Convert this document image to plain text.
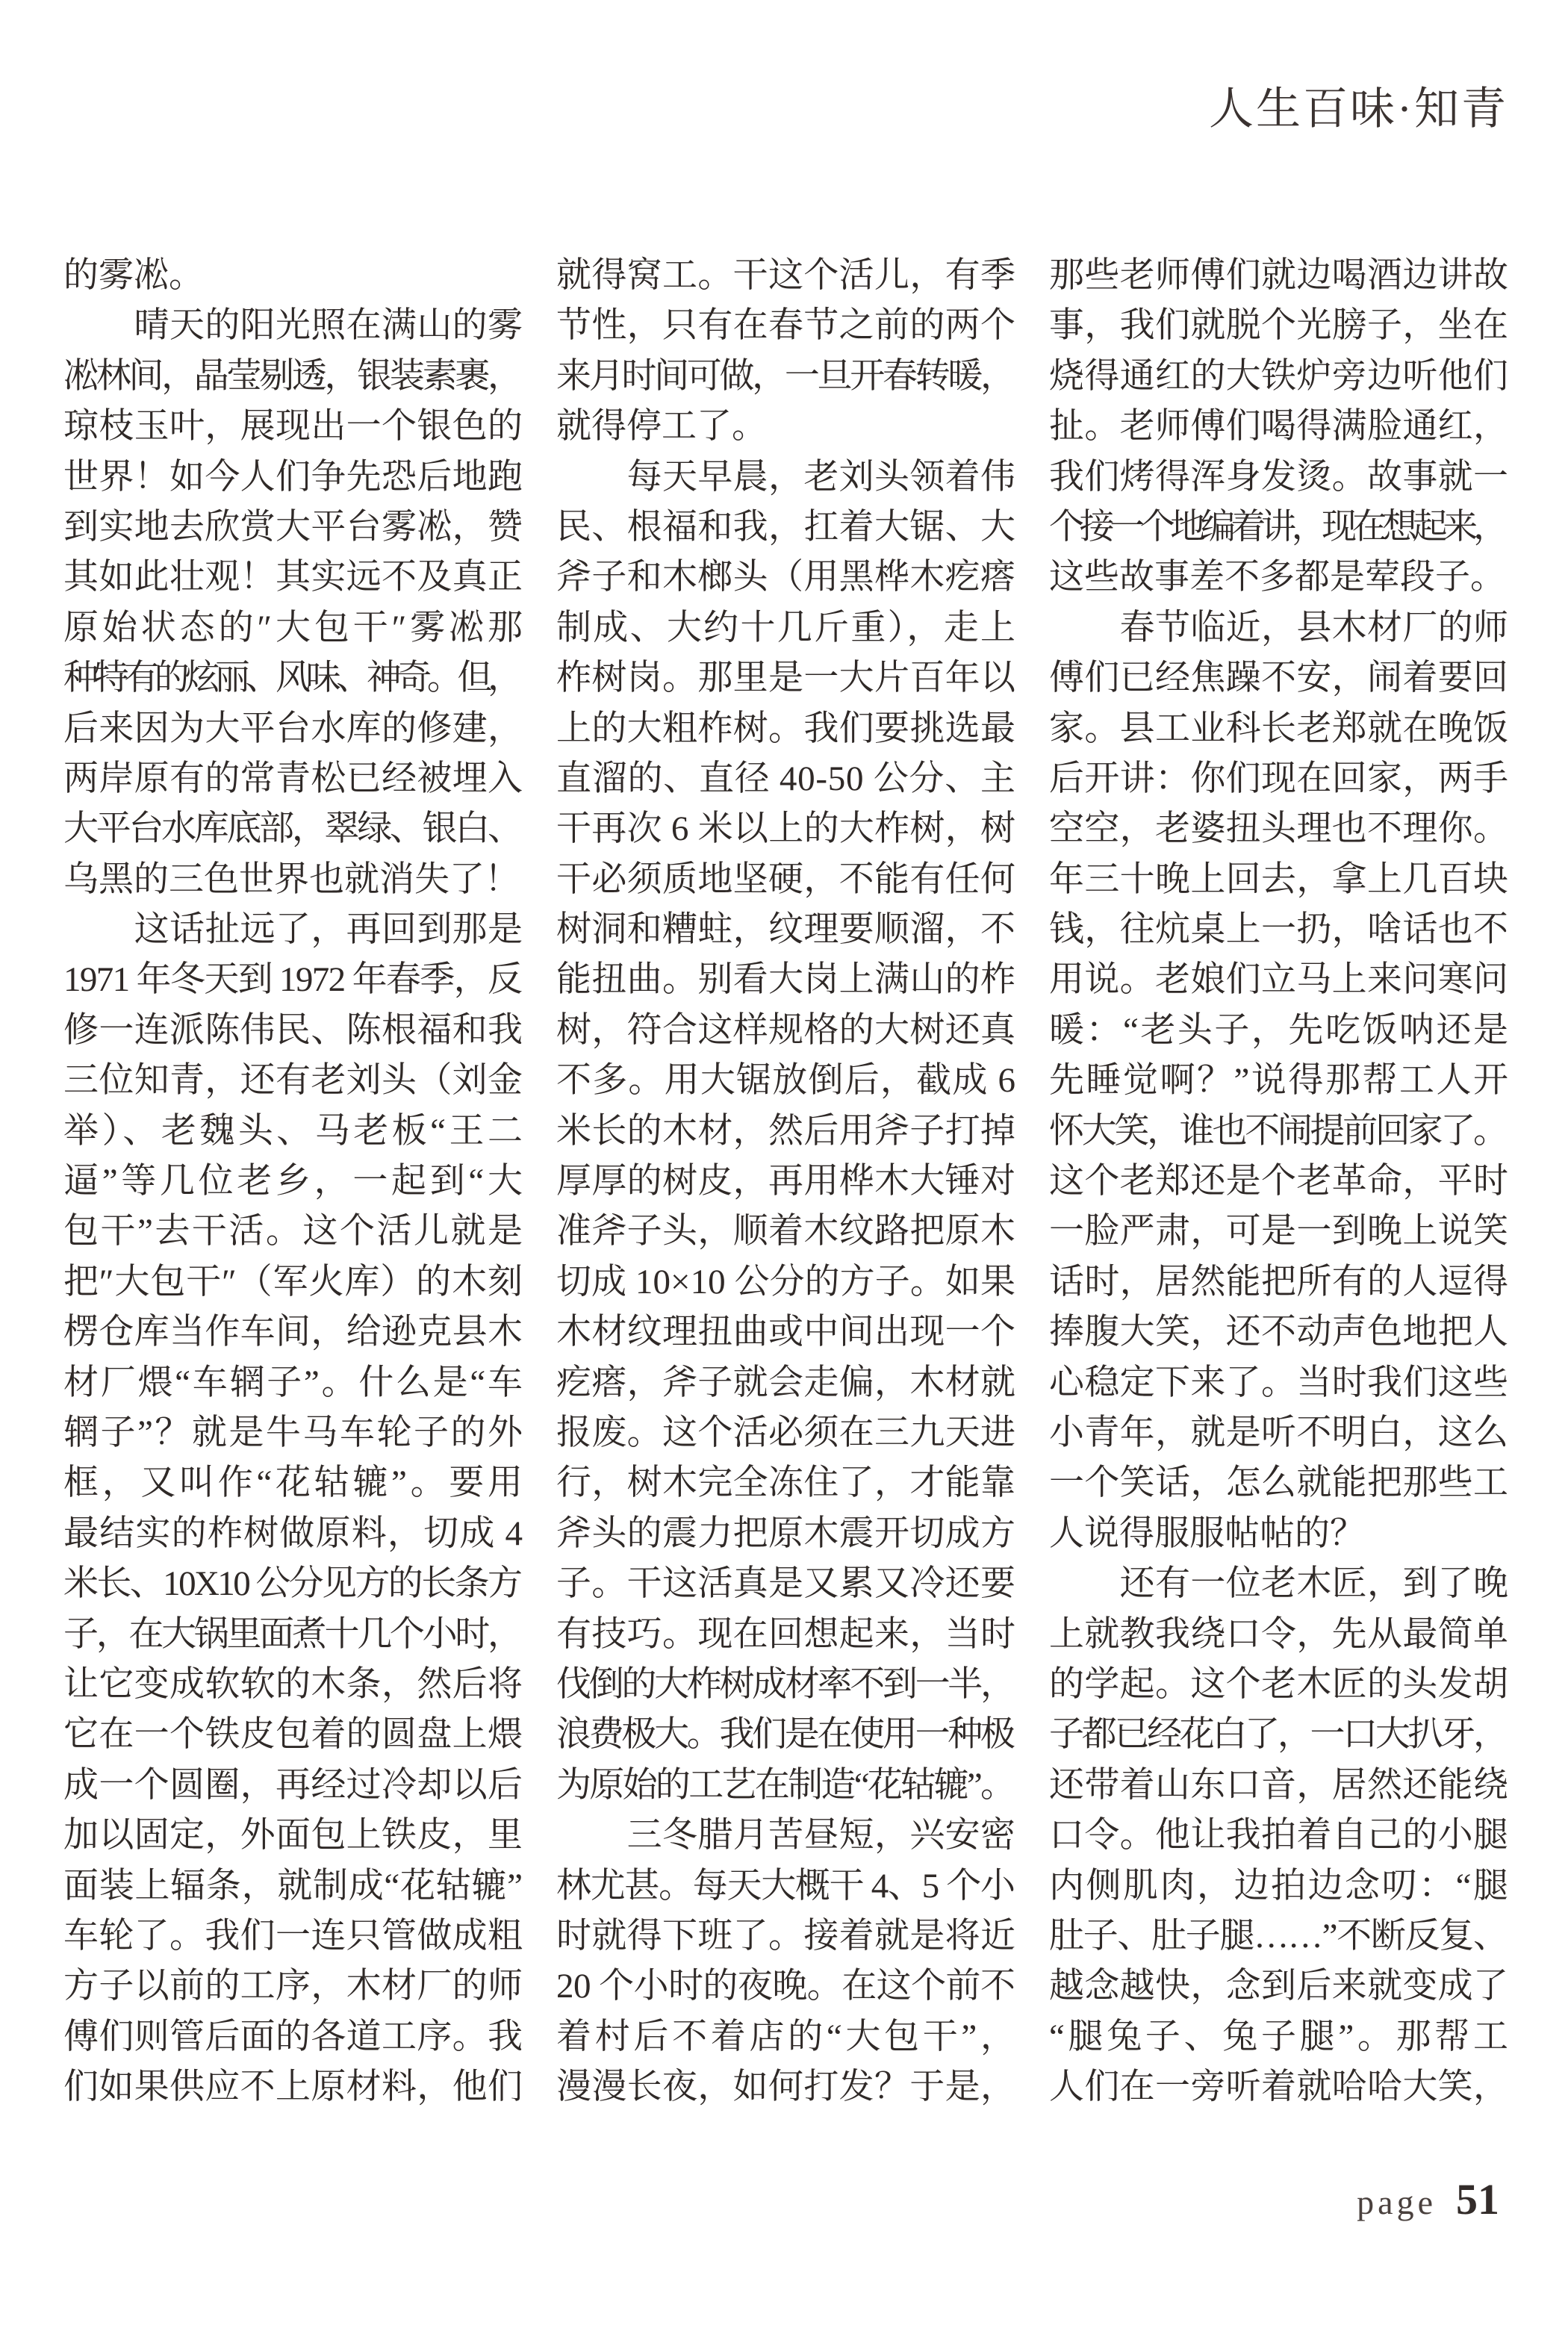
人生百味·知青
的雾凇。
　　晴天的阳光照在满山的雾
凇林间，晶莹剔透，银装素裹，
琼枝玉叶，展现出一个银色的
世界！如今人们争先恐后地跑
到实地去欣赏大平台雾凇，赞
其如此壮观！其实远不及真正
原始状态的″大包干″雾凇那
种特有的炫丽、风味、神奇。但，
后来因为大平台水库的修建，
两岸原有的常青松已经被埋入
大平台水库底部，翠绿、银白、
乌黑的三色世界也就消失了！
　　这话扯远了，再回到那是
1971 年冬天到 1972 年春季，反
修一连派陈伟民、陈根福和我
三位知青，还有老刘头（刘金
举）、老魏头、马老板“王二
逼”等几位老乡，一起到“大
包干”去干活。这个活儿就是
把″大包干″（军火库）的木刻
楞仓库当作车间，给逊克县木
材厂煨“车辋子”。什么是“车
辋子”？就是牛马车轮子的外
框，又叫作“花轱辘”。要用
最结实的柞树做原料，切成 4
米长、10X10 公分见方的长条方
子，在大锅里面煮十几个小时，
让它变成软软的木条，然后将
它在一个铁皮包着的圆盘上煨
成一个圆圈，再经过冷却以后
加以固定，外面包上铁皮，里
面装上辐条，就制成“花轱辘”
车轮了。我们一连只管做成粗
方子以前的工序，木材厂的师
傅们则管后面的各道工序。我
们如果供应不上原材料，他们
就得窝工。干这个活儿，有季
节性，只有在春节之前的两个
来月时间可做，一旦开春转暖，
就得停工了。
　　每天早晨，老刘头领着伟
民、根福和我，扛着大锯、大
斧子和木榔头（用黑桦木疙瘩
制成、大约十几斤重），走上
柞树岗。那里是一大片百年以
上的大粗柞树。我们要挑选最
直溜的、直径 40-50 公分、主
干再次 6 米以上的大柞树，树
干必须质地坚硬，不能有任何
树洞和糟蛀，纹理要顺溜，不
能扭曲。别看大岗上满山的柞
树，符合这样规格的大树还真
不多。用大锯放倒后，截成 6
米长的木材，然后用斧子打掉
厚厚的树皮，再用桦木大锤对
准斧子头，顺着木纹路把原木
切成 10×10 公分的方子。如果
木材纹理扭曲或中间出现一个
疙瘩，斧子就会走偏，木材就
报废。这个活必须在三九天进
行，树木完全冻住了，才能靠
斧头的震力把原木震开切成方
子。干这活真是又累又冷还要
有技巧。现在回想起来，当时
伐倒的大柞树成材率不到一半，
浪费极大。我们是在使用一种极
为原始的工艺在制造“花轱辘”。
　　三冬腊月苦昼短，兴安密
林尤甚。每天大概干 4、5 个小
时就得下班了。接着就是将近
20 个小时的夜晚。在这个前不
着村后不着店的“大包干”，
漫漫长夜，如何打发？于是，
那些老师傅们就边喝酒边讲故
事，我们就脱个光膀子，坐在
烧得通红的大铁炉旁边听他们
扯。老师傅们喝得满脸通红，
我们烤得浑身发烫。故事就一
个接一个地编着讲，现在想起来，
这些故事差不多都是荤段子。
　　春节临近，县木材厂的师
傅们已经焦躁不安，闹着要回
家。县工业科长老郑就在晚饭
后开讲：你们现在回家，两手
空空，老婆扭头理也不理你。
年三十晚上回去，拿上几百块
钱，往炕桌上一扔，啥话也不
用说。老娘们立马上来问寒问
暖：“老头子，先吃饭呐还是
先睡觉啊？”说得那帮工人开
怀大笑，谁也不闹提前回家了。
这个老郑还是个老革命，平时
一脸严肃，可是一到晚上说笑
话时，居然能把所有的人逗得
捧腹大笑，还不动声色地把人
心稳定下来了。当时我们这些
小青年，就是听不明白，这么
一个笑话，怎么就能把那些工
人说得服服帖帖的？
　　还有一位老木匠，到了晚
上就教我绕口令，先从最简单
的学起。这个老木匠的头发胡
子都已经花白了，一口大扒牙，
还带着山东口音，居然还能绕
口令。他让我拍着自己的小腿
内侧肌肉，边拍边念叨：“腿
肚子、肚子腿……”不断反复、
越念越快，念到后来就变成了
“腿兔子、兔子腿”。那帮工
人们在一旁听着就哈哈大笑，
page 51
